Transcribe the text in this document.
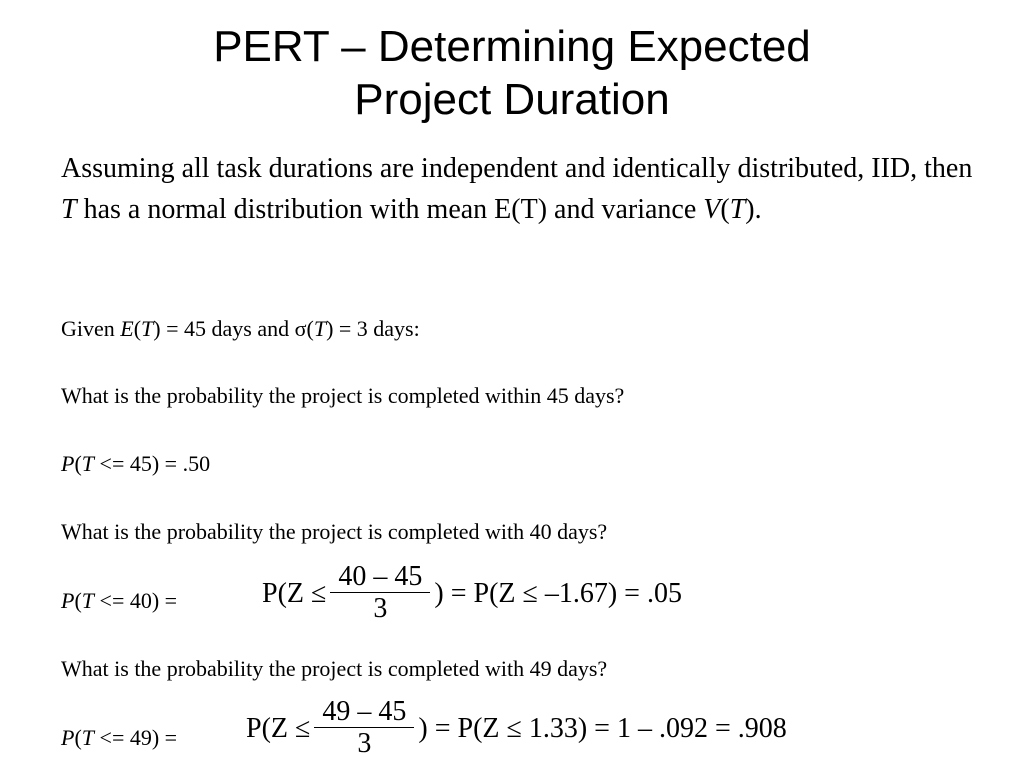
PERT – Determining Expected
Project Duration
Assuming all task durations are independent and identically distributed, IID, then T has a normal distribution with mean E(T) and variance V(T).
Given E(T) = 45 days and σ(T) = 3 days:
What is the probability the project is completed within 45 days?
P(T <= 45) = .50
What is the probability the project is completed with 40 days?
P(T <= 40) =	$P(Z \le \frac{40 - 45}{3}$ ) = P(Z ≤ –1.67) = .05
What is the probability the project is completed with 49 days?
$P(T <= 49) = P(Z \le \frac{49 - 45}{3}$ ) = P(Z ≤ 1.33) = 1 – .092 = .908
